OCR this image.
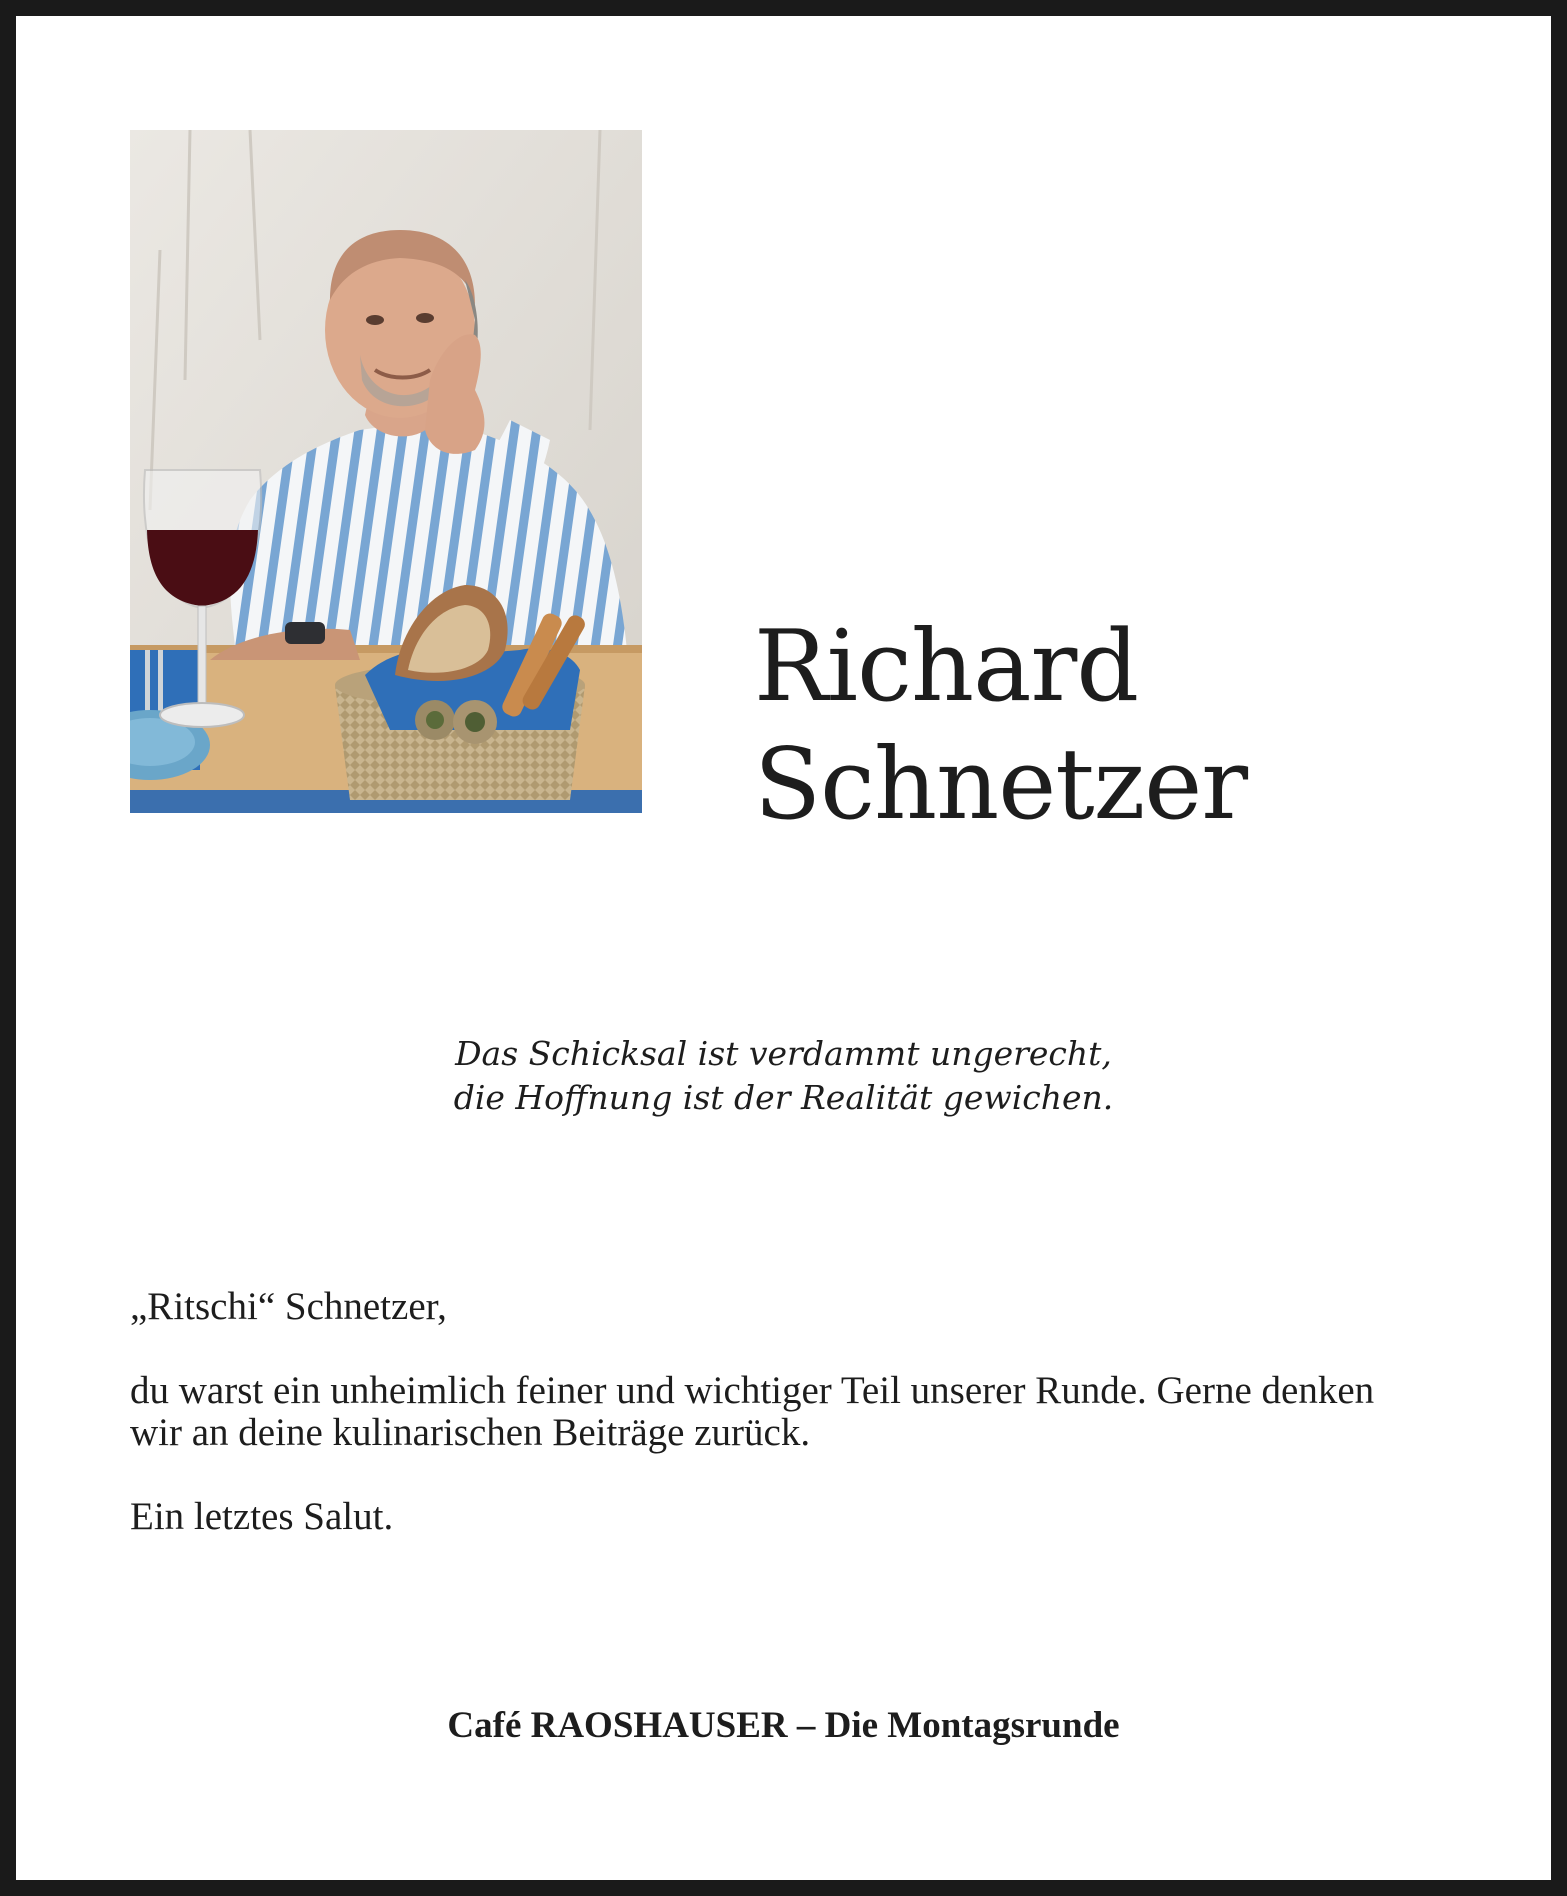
Richard
Schnetzer
Das Schicksal ist verdammt ungerecht,
die Hoffnung ist der Realität gewichen.

„Ritschi“ Schnetzer,

du warst ein unheimlich feiner und wichtiger Teil unserer Runde. Gerne denken
wir an deine kulinarischen Beiträge zurück.

Ein letztes Salut.

Café RAOSHAUSER – Die Montagsrunde
